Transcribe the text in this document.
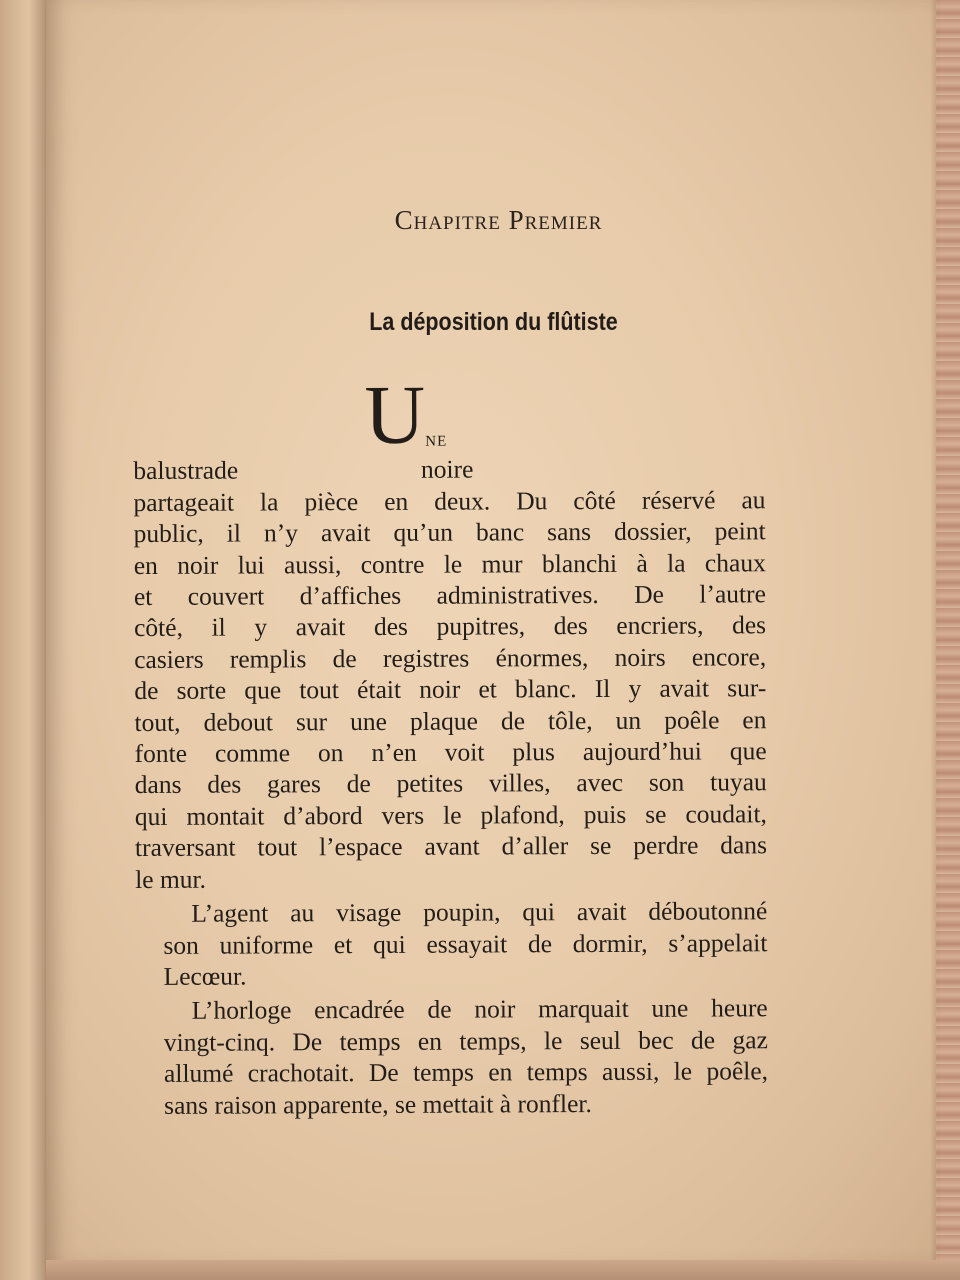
Chapitre Premier
La déposition du flûtiste
U ne balustrade noire
partageait la pièce en deux. Du côté réservé au
public, il n’y avait qu’un banc sans dossier, peint
en noir lui aussi, contre le mur blanchi à la chaux
et couvert d’affiches administratives. De l’autre
côté, il y avait des pupitres, des encriers, des
casiers remplis de registres énormes, noirs encore,
de sorte que tout était noir et blanc. Il y avait sur-
tout, debout sur une plaque de tôle, un poêle en
fonte comme on n’en voit plus aujourd’hui que
dans des gares de petites villes, avec son tuyau
qui montait d’abord vers le plafond, puis se coudait,
traversant tout l’espace avant d’aller se perdre dans
le mur.
L’agent au visage poupin, qui avait déboutonné
son uniforme et qui essayait de dormir, s’appelait
Lecœur.
L’horloge encadrée de noir marquait une heure
vingt-cinq. De temps en temps, le seul bec de gaz
allumé crachotait. De temps en temps aussi, le poêle,
sans raison apparente, se mettait à ronfler.
